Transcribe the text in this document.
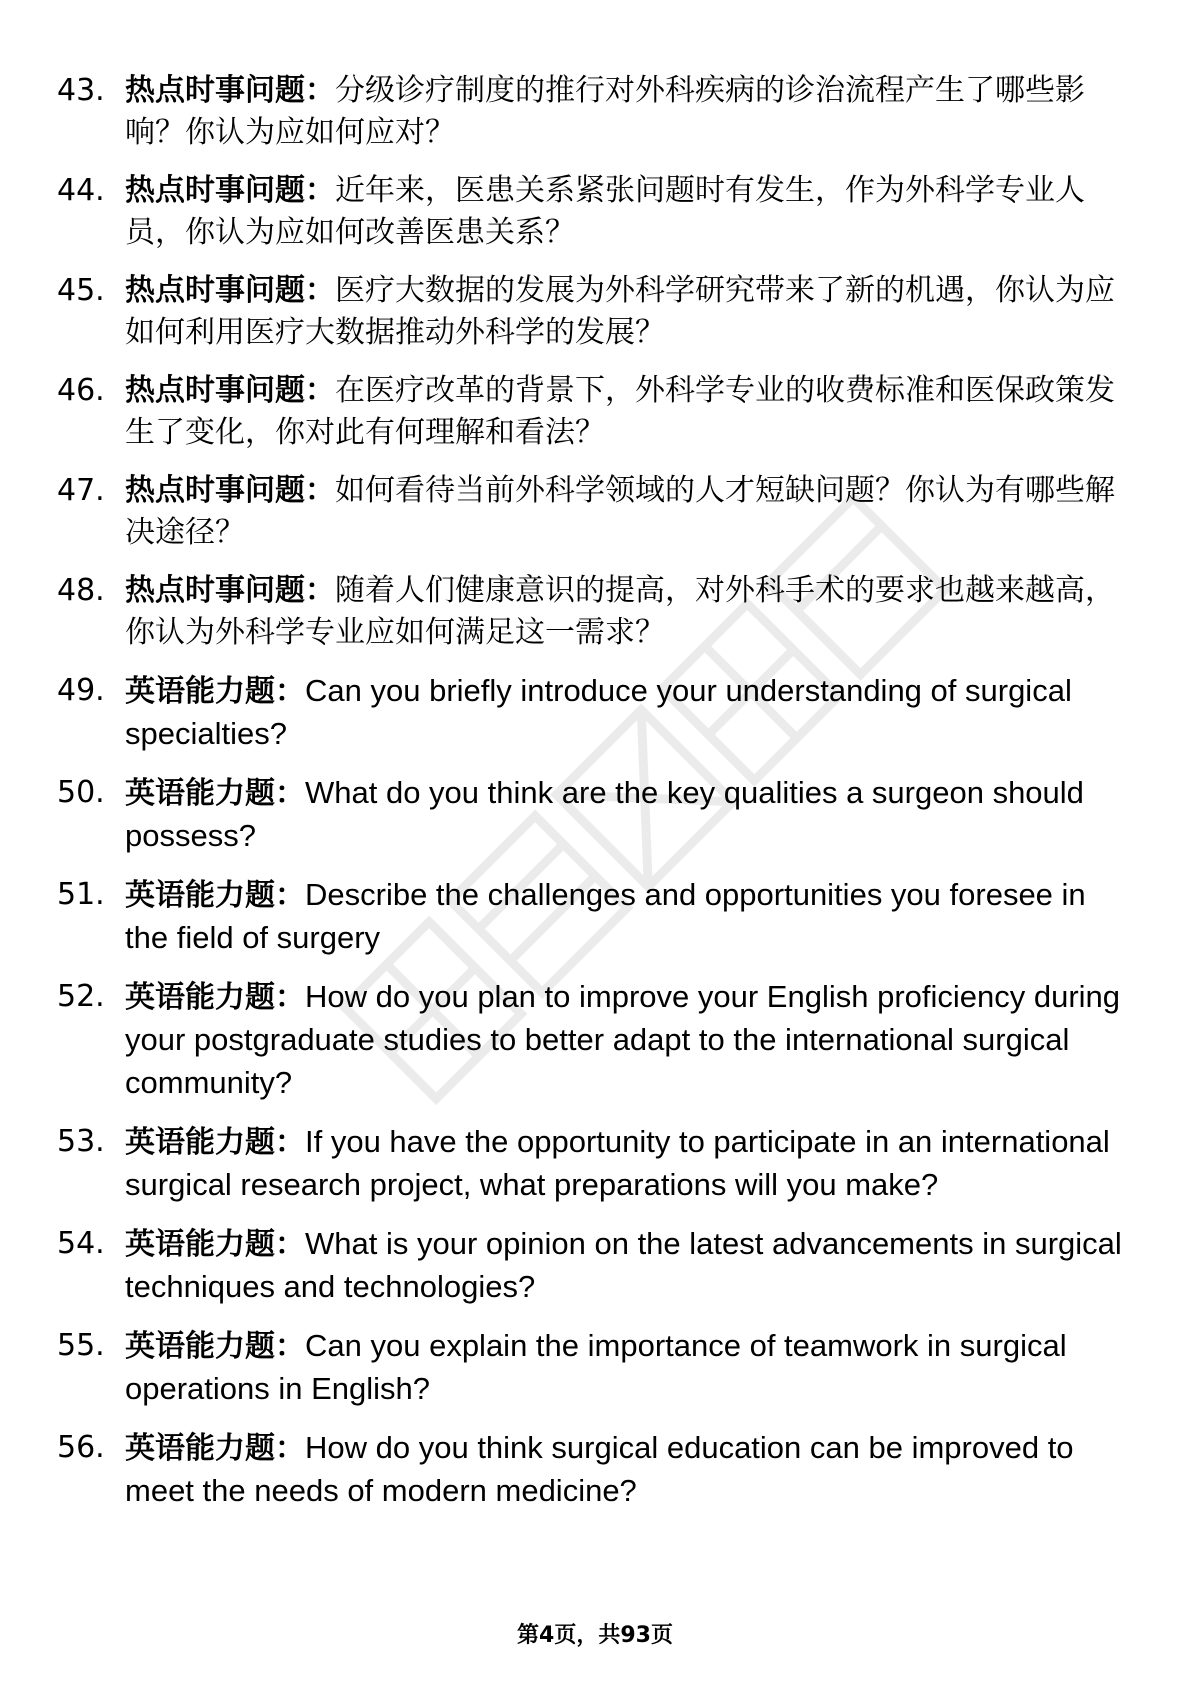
43. 热点时事问题：分级诊疗制度的推行对外科疾病的诊治流程产生了哪些影响？你认为应如何应对？
44. 热点时事问题：近年来，医患关系紧张问题时有发生，作为外科学专业人员，你认为应如何改善医患关系？
45. 热点时事问题：医疗大数据的发展为外科学研究带来了新的机遇，你认为应如何利用医疗大数据推动外科学的发展？
46. 热点时事问题：在医疗改革的背景下，外科学专业的收费标准和医保政策发生了变化，你对此有何理解和看法？
47. 热点时事问题：如何看待当前外科学领域的人才短缺问题？你认为有哪些解决途径？
48. 热点时事问题：随着人们健康意识的提高，对外科手术的要求也越来越高，你认为外科学专业应如何满足这一需求？
49. 英语能力题：Can you briefly introduce your understanding of surgical specialties?
50. 英语能力题：What do you think are the key qualities a surgeon should possess?
51. 英语能力题：Describe the challenges and opportunities you foresee in the field of surgery
52. 英语能力题：How do you plan to improve your English proficiency during your postgraduate studies to better adapt to the international surgical community?
53. 英语能力题：If you have the opportunity to participate in an international surgical research project, what preparations will you make?
54. 英语能力题：What is your opinion on the latest advancements in surgical techniques and technologies?
55. 英语能力题：Can you explain the importance of teamwork in surgical operations in English?
56. 英语能力题：How do you think surgical education can be improved to meet the needs of modern medicine?
第4页，共93页
